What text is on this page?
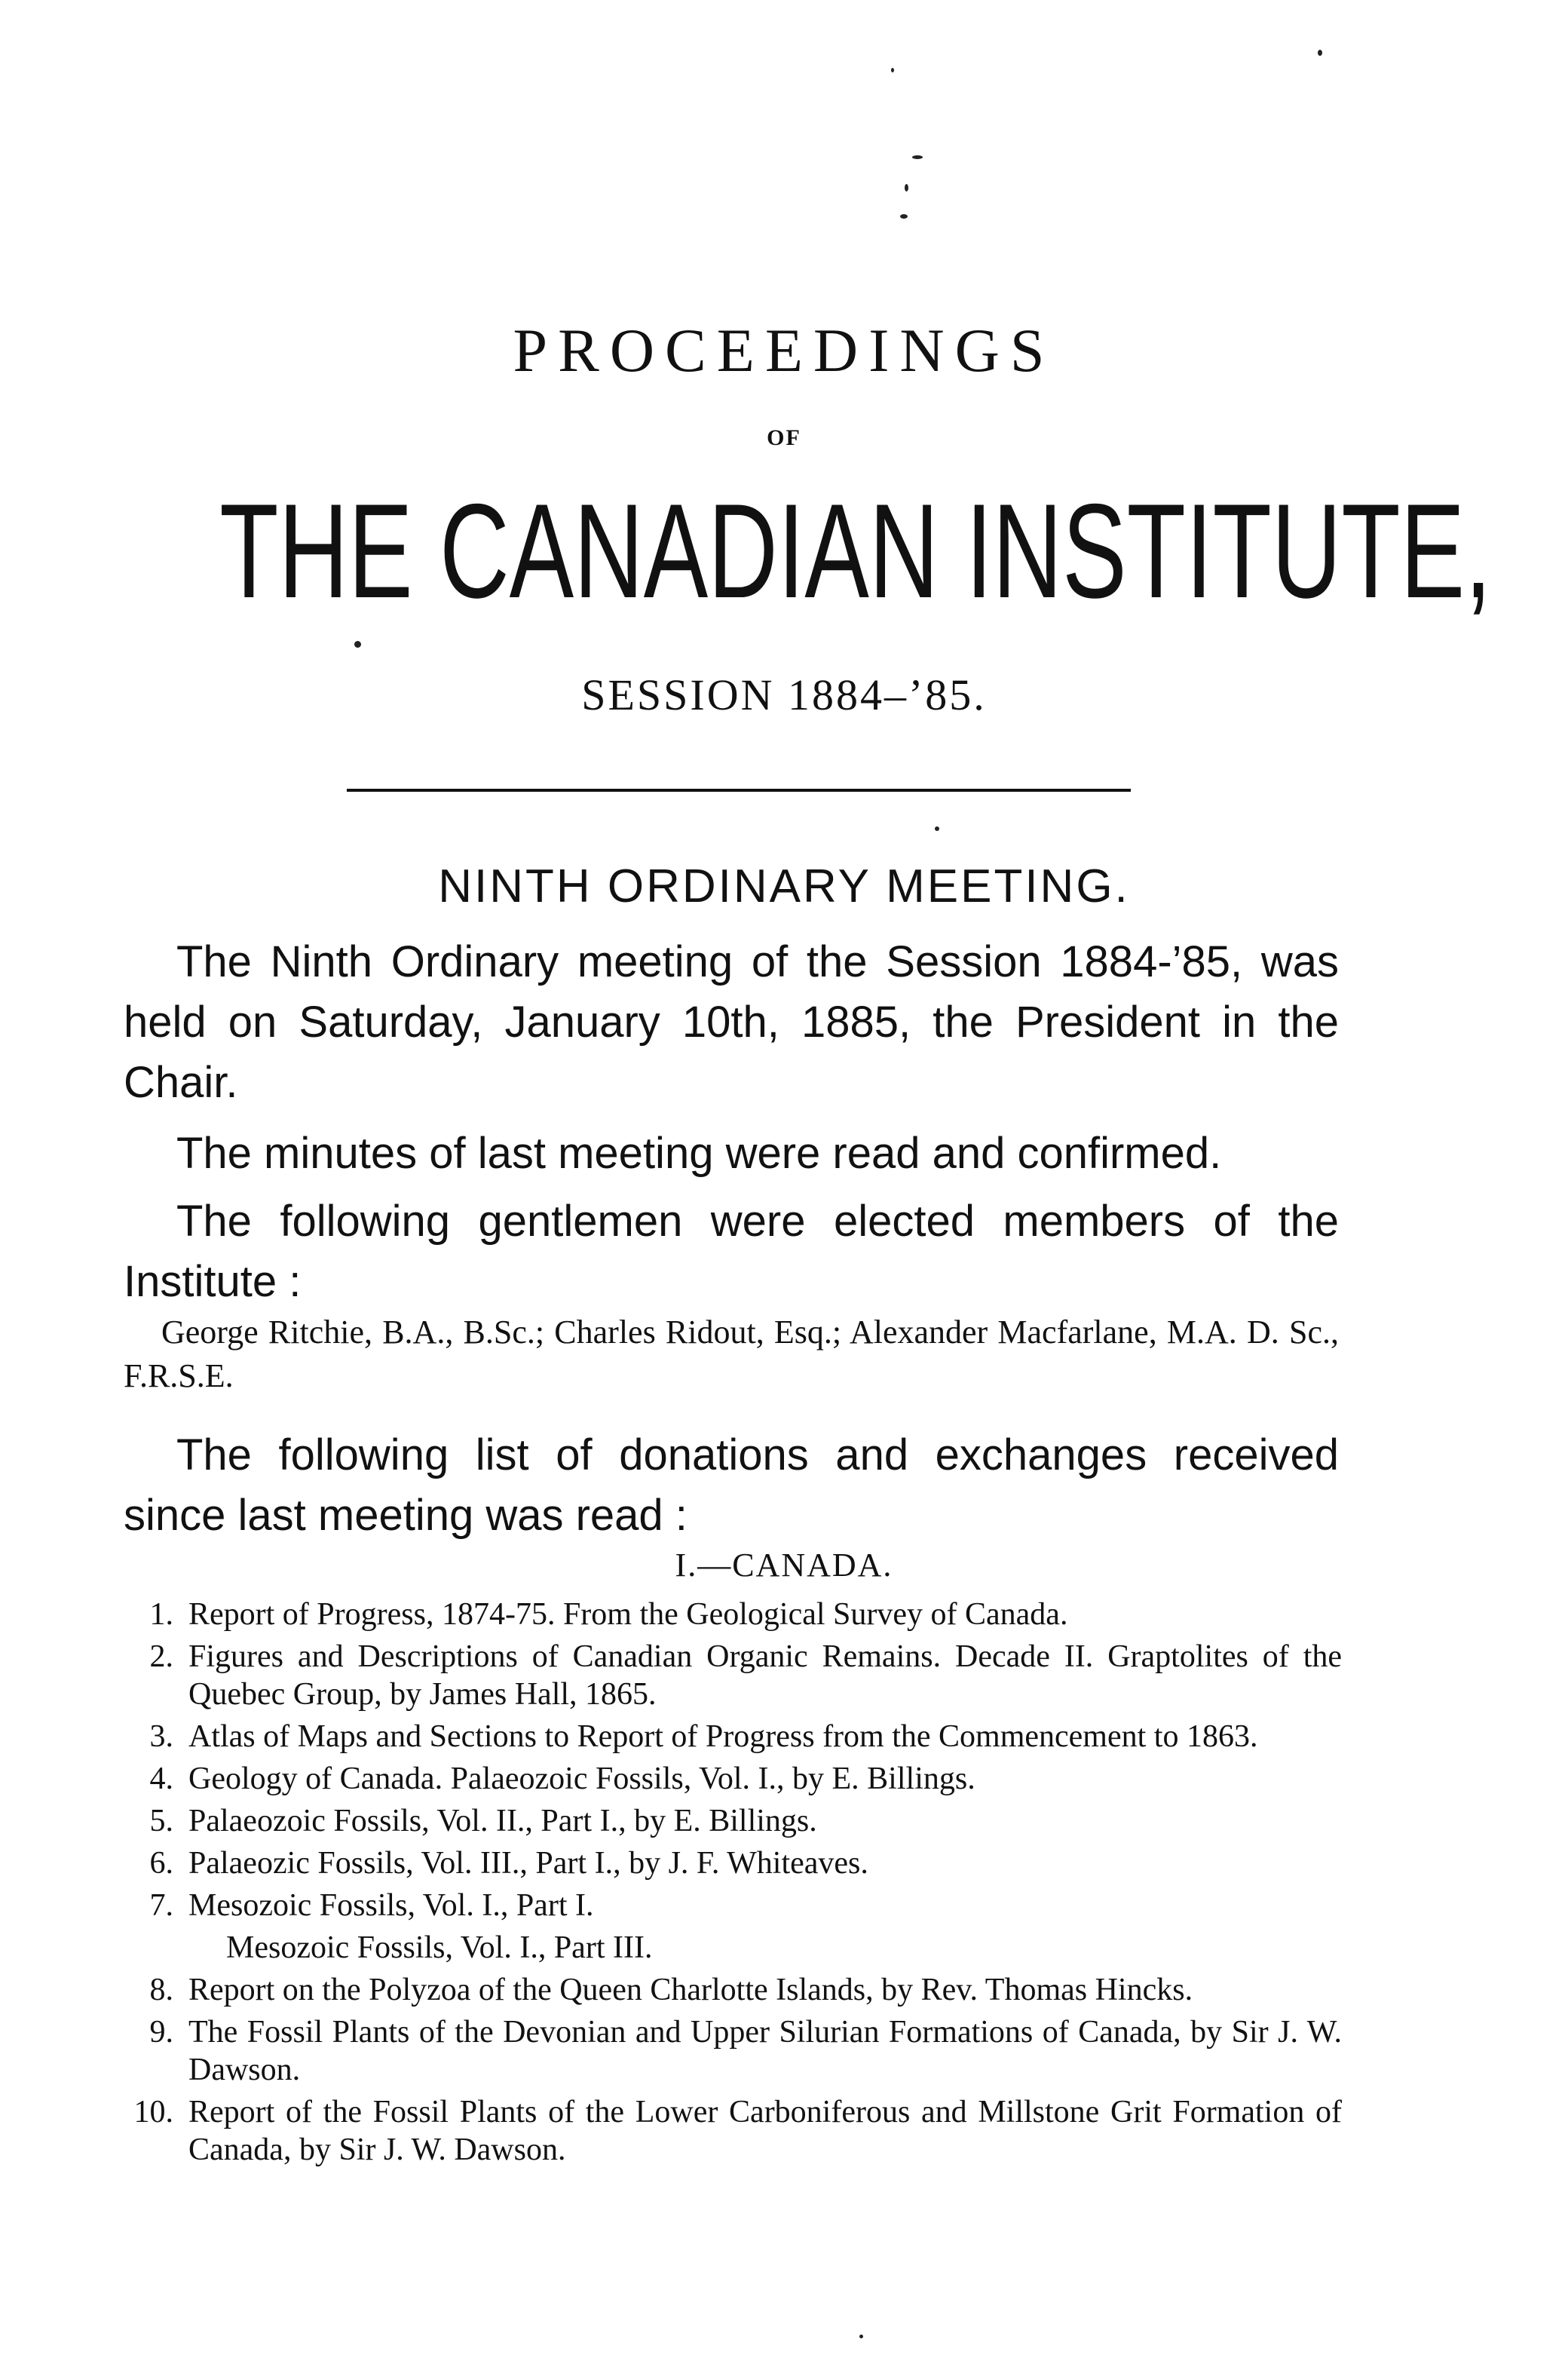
PROCEEDINGS
OF
THE CANADIAN INSTITUTE,
SESSION 1884–’85.
NINTH ORDINARY MEETING.
The Ninth Ordinary meeting of the Session 1884-’85, was held on Saturday, January 10th, 1885, the President in the Chair.
The minutes of last meeting were read and confirmed.
The following gentlemen were elected members of the Institute :
George Ritchie, B.A., B.Sc.; Charles Ridout, Esq.; Alexander Macfarlane, M.A. D. Sc., F.R.S.E.
The following list of donations and exchanges received since last meeting was read :
I.—CANADA.
1. Report of Progress, 1874-75. From the Geological Survey of Canada.
2. Figures and Descriptions of Canadian Organic Remains. Decade II. Graptolites of the Quebec Group, by James Hall, 1865.
3. Atlas of Maps and Sections to Report of Progress from the Commencement to 1863.
4. Geology of Canada. Palaeozoic Fossils, Vol. I., by E. Billings.
5. Palaeozoic Fossils, Vol. II., Part I., by E. Billings.
6. Palaeozic Fossils, Vol. III., Part I., by J. F. Whiteaves.
7. Mesozoic Fossils, Vol. I., Part I.
Mesozoic Fossils, Vol. I., Part III.
8. Report on the Polyzoa of the Queen Charlotte Islands, by Rev. Thomas Hincks.
9. The Fossil Plants of the Devonian and Upper Silurian Formations of Canada, by Sir J. W. Dawson.
10. Report of the Fossil Plants of the Lower Carboniferous and Millstone Grit Formation of Canada, by Sir J. W. Dawson.
